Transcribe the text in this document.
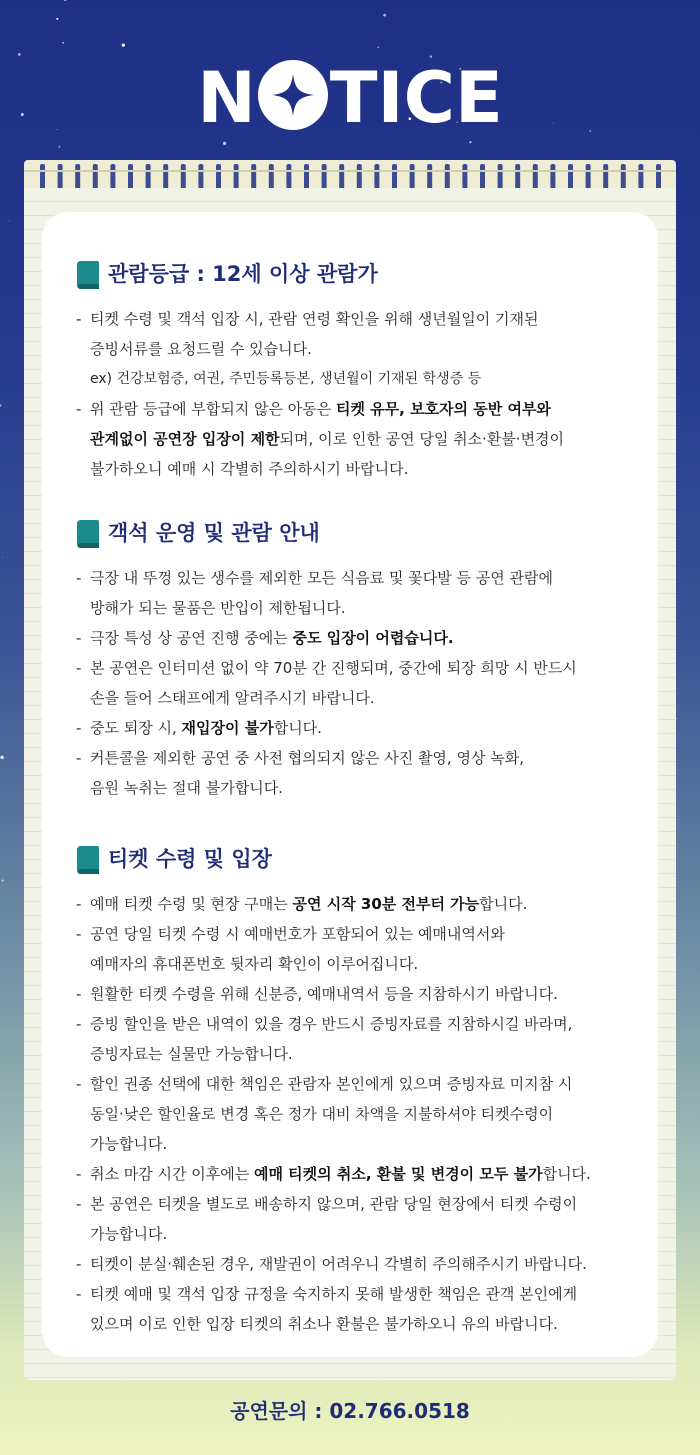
N TICE
관람등급 : 12세 이상 관람가
- 티켓 수령 및 객석 입장 시, 관람 연령 확인을 위해 생년월일이 기재된
증빙서류를 요청드릴 수 있습니다.
ex) 건강보험증, 여권, 주민등록등본, 생년월이 기재된 학생증 등
- 위 관람 등급에 부합되지 않은 아동은 티켓 유무, 보호자의 동반 여부와
관계없이 공연장 입장이 제한되며, 이로 인한 공연 당일 취소·환불·변경이
불가하오니 예매 시 각별히 주의하시기 바랍니다.
객석 운영 및 관람 안내
- 극장 내 뚜껑 있는 생수를 제외한 모든 식음료 및 꽃다발 등 공연 관람에
방해가 되는 물품은 반입이 제한됩니다.
- 극장 특성 상 공연 진행 중에는 중도 입장이 어렵습니다.
- 본 공연은 인터미션 없이 약 70분 간 진행되며, 중간에 퇴장 희망 시 반드시
손을 들어 스태프에게 알려주시기 바랍니다.
- 중도 퇴장 시, 재입장이 불가합니다.
- 커튼콜을 제외한 공연 중 사전 협의되지 않은 사진 촬영, 영상 녹화,
음원 녹취는 절대 불가합니다.
티켓 수령 및 입장
- 예매 티켓 수령 및 현장 구매는 공연 시작 30분 전부터 가능합니다.
- 공연 당일 티켓 수령 시 예매번호가 포함되어 있는 예매내역서와
예매자의 휴대폰번호 뒷자리 확인이 이루어집니다.
- 원활한 티켓 수령을 위해 신분증, 예매내역서 등을 지참하시기 바랍니다.
- 증빙 할인을 받은 내역이 있을 경우 반드시 증빙자료를 지참하시길 바라며,
증빙자료는 실물만 가능합니다.
- 할인 권종 선택에 대한 책임은 관람자 본인에게 있으며 증빙자료 미지참 시
동일·낮은 할인율로 변경 혹은 정가 대비 차액을 지불하셔야 티켓수령이
가능합니다.
- 취소 마감 시간 이후에는 예매 티켓의 취소, 환불 및 변경이 모두 불가합니다.
- 본 공연은 티켓을 별도로 배송하지 않으며, 관람 당일 현장에서 티켓 수령이
가능합니다.
- 티켓이 분실·훼손된 경우, 재발권이 어려우니 각별히 주의해주시기 바랍니다.
- 티켓 예매 및 객석 입장 규정을 숙지하지 못해 발생한 책임은 관객 본인에게
있으며 이로 인한 입장 티켓의 취소나 환불은 불가하오니 유의 바랍니다.
공연문의 : 02.766.0518
